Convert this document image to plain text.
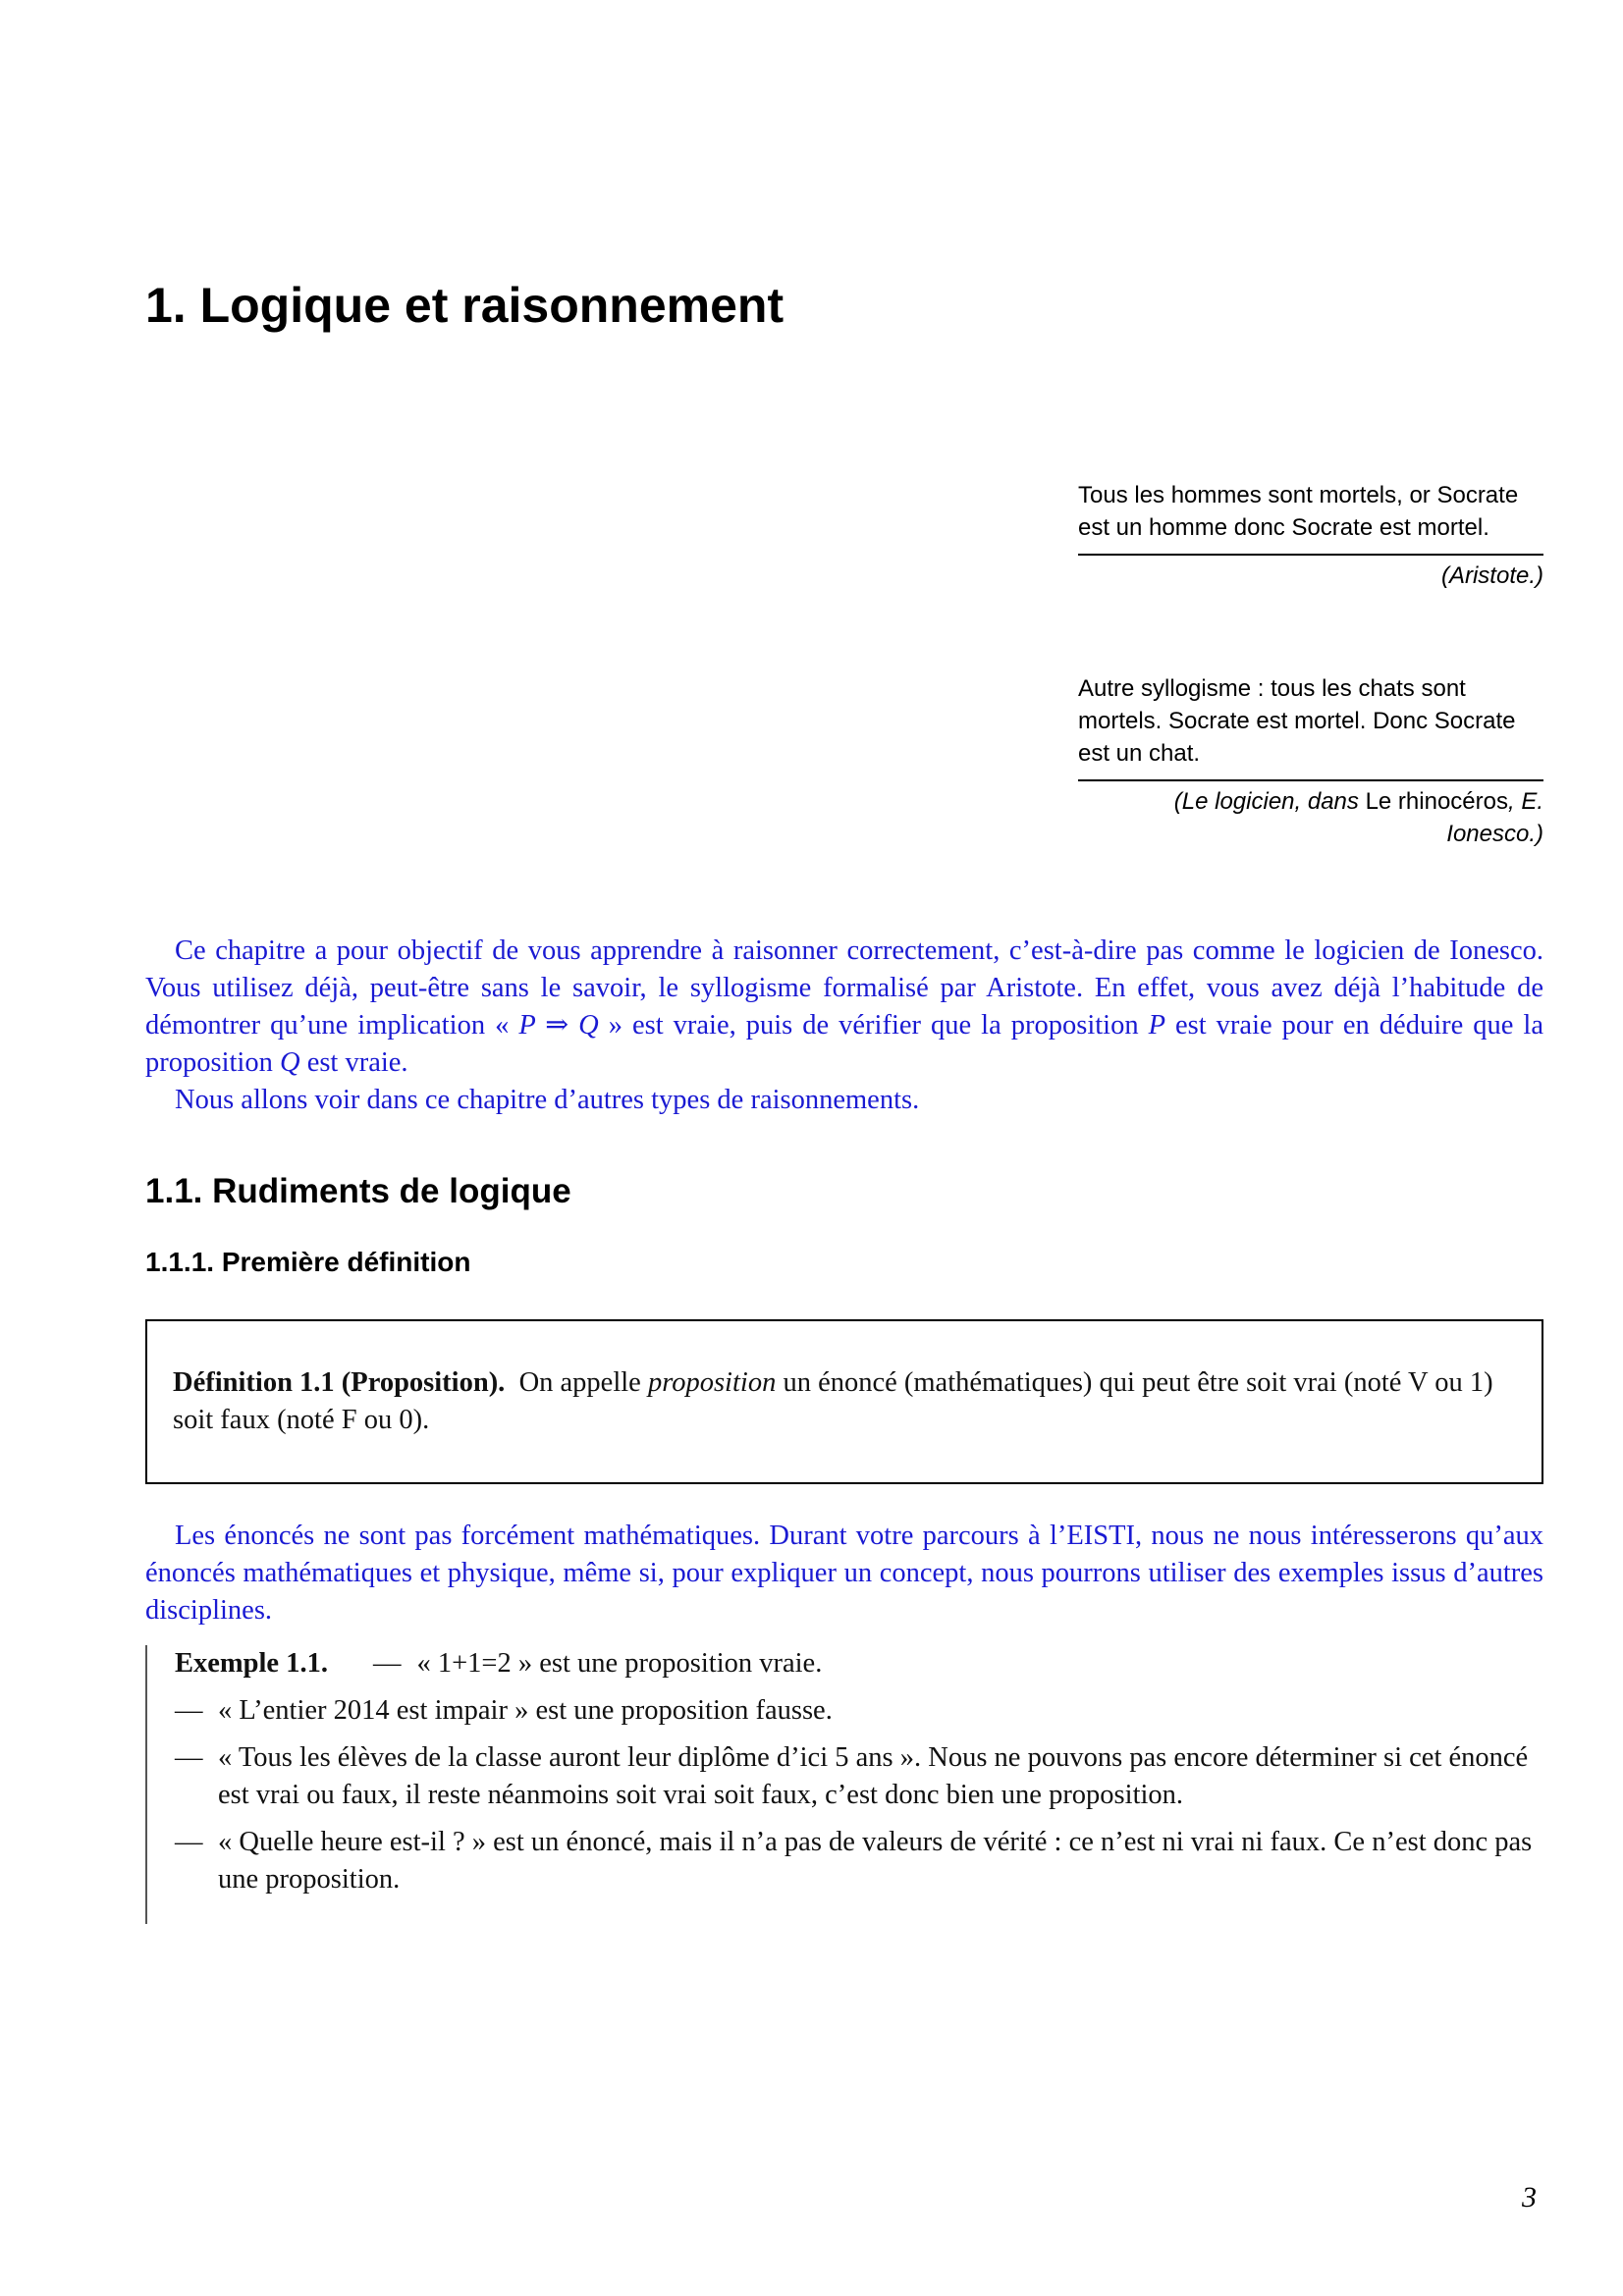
1. Logique et raisonnement

Tous les hommes sont mortels, or Socrate est un homme donc Socrate est mortel.

(Aristote.)

Autre syllogisme : tous les chats sont mortels. Socrate est mortel. Donc Socrate est un chat.

(Le logicien, dans Le rhinocéros, E. Ionesco.)

Ce chapitre a pour objectif de vous apprendre à raisonner correctement, c’est-à-dire pas comme le logicien de Ionesco. Vous utilisez déjà, peut-être sans le savoir, le syllogisme formalisé par Aristote. En effet, vous avez déjà l’habitude de démontrer qu’une implication « P ⇒ Q » est vraie, puis de vérifier que la proposition P est vraie pour en déduire que la proposition Q est vraie.

Nous allons voir dans ce chapitre d’autres types de raisonnements.

1.1. Rudiments de logique
1.1.1. Première définition

Définition 1.1 (Proposition). On appelle proposition un énoncé (mathématiques) qui peut être soit vrai (noté V ou 1) soit faux (noté F ou 0).

Les énoncés ne sont pas forcément mathématiques. Durant votre parcours à l’EISTI, nous ne nous intéresserons qu’aux énoncés mathématiques et physique, même si, pour expliquer un concept, nous pourrons utiliser des exemples issus d’autres disciplines.

Exemple 1.1. — « 1+1=2 » est une proposition vraie.
— « L’entier 2014 est impair » est une proposition fausse.
— « Tous les élèves de la classe auront leur diplôme d’ici 5 ans ». Nous ne pouvons pas encore déterminer si cet énoncé est vrai ou faux, il reste néanmoins soit vrai soit faux, c’est donc bien une proposition.
— « Quelle heure est-il ? » est un énoncé, mais il n’a pas de valeurs de vérité : ce n’est ni vrai ni faux. Ce n’est donc pas une proposition.
3
